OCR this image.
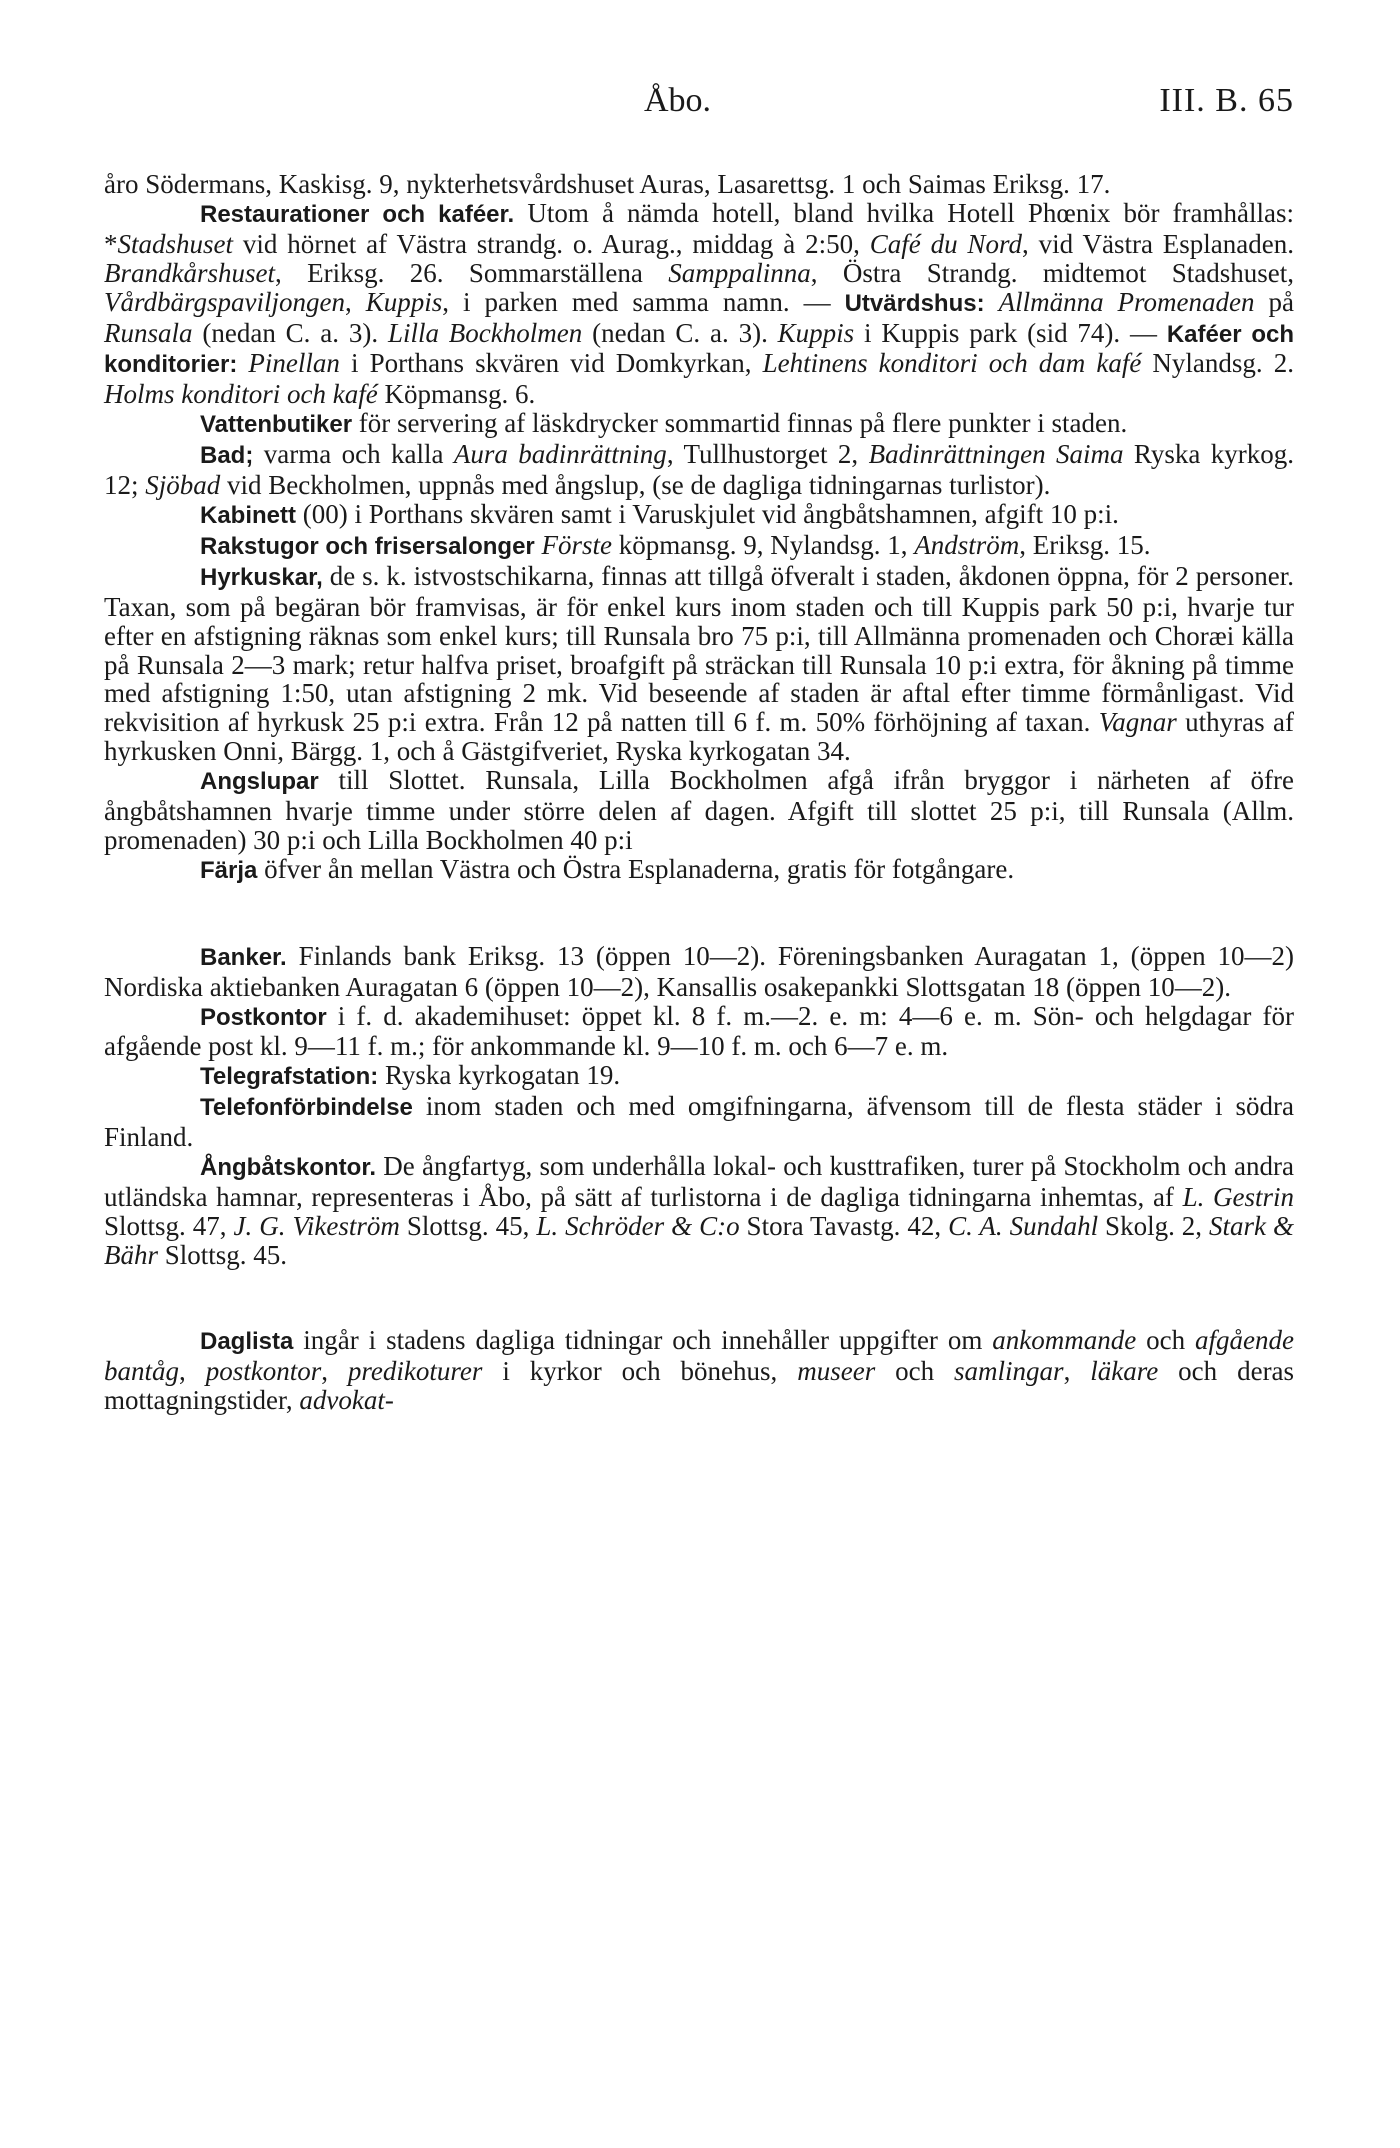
Åbo.	III. B. 65

åro Södermans, Kaskisg. 9, nykterhetsvårdshuset Auras, Lasarettsg. 1 och Saimas Eriksg. 17.

Restaurationer och kaféer. Utom å nämda hotell, bland hvilka Hotell Phœnix bör framhållas: *Stadshuset vid hörnet af Västra strandg. o. Aurag., middag à 2:50, Café du Nord, vid Västra Esplanaden. Brandkårshuset, Eriksg. 26. Sommarställena Samppalinna, Östra Strandg. midtemot Stadshuset, Vårdbärgspaviljongen, Kuppis, i parken med samma namn. — Utvärdshus: Allmänna Promenaden på Runsala (nedan C. a. 3). Lilla Bockholmen (nedan C. a. 3). Kuppis i Kuppis park (sid 74). — Kaféer och konditorier: Pinellan i Porthans skvären vid Domkyrkan, Lehtinens konditori och dam kafé Nylandsg. 2. Holms konditori och kafé Köpmansg. 6.

Vattenbutiker för servering af läskdrycker sommartid finnas på flere punkter i staden.

Bad; varma och kalla Aura badinrättning, Tullhustorget 2, Badinrättningen Saima Ryska kyrkog. 12; Sjöbad vid Beckholmen, uppnås med ångslup, (se de dagliga tidningarnas turlistor).

Kabinett (00) i Porthans skvären samt i Varuskjulet vid ångbåtshamnen, afgift 10 p:i.

Rakstugor och frisersalonger Förste köpmansg. 9, Nylandsg. 1, Andström, Eriksg. 15.

Hyrkuskar, de s. k. istvostschikarna, finnas att tillgå öfveralt i staden, åkdonen öppna, för 2 personer. Taxan, som på begäran bör framvisas, är för enkel kurs inom staden och till Kuppis park 50 p:i, hvarje tur efter en afstigning räknas som enkel kurs; till Runsala bro 75 p:i, till Allmänna promenaden och Choræi källa på Runsala 2—3 mark; retur halfva priset, broafgift på sträckan till Runsala 10 p:i extra, för åkning på timme med afstigning 1:50, utan afstigning 2 mk. Vid beseende af staden är aftal efter timme förmånligast. Vid rekvisition af hyrkusk 25 p:i extra. Från 12 på natten till 6 f. m. 50% förhöjning af taxan. Vagnar uthyras af hyrkusken Onni, Bärgg. 1, och å Gästgifveriet, Ryska kyrkogatan 34.

Angslupar till Slottet. Runsala, Lilla Bockholmen afgå ifrån bryggor i närheten af öfre ångbåtshamnen hvarje timme under större delen af dagen. Afgift till slottet 25 p:i, till Runsala (Allm. promenaden) 30 p:i och Lilla Bockholmen 40 p:i

Färja öfver ån mellan Västra och Östra Esplanaderna, gratis för fotgångare.

Banker. Finlands bank Eriksg. 13 (öppen 10—2). Föreningsbanken Auragatan 1, (öppen 10—2) Nordiska aktiebanken Auragatan 6 (öppen 10—2), Kansallis osakepankki Slottsgatan 18 (öppen 10—2).

Postkontor i f. d. akademihuset: öppet kl. 8 f. m.—2. e. m: 4—6 e. m. Sön- och helgdagar för afgående post kl. 9—11 f. m.; för ankommande kl. 9—10 f. m. och 6—7 e. m.

Telegrafstation: Ryska kyrkogatan 19.

Telefonförbindelse inom staden och med omgifningarna, äfvensom till de flesta städer i södra Finland.

Ångbåtskontor. De ångfartyg, som underhålla lokal- och kusttrafiken, turer på Stockholm och andra utländska hamnar, representeras i Åbo, på sätt af turlistorna i de dagliga tidningarna inhemtas, af L. Gestrin Slottsg. 47, J. G. Vikeström Slottsg. 45, L. Schröder & C:o Stora Tavastg. 42, C. A. Sundahl Skolg. 2, Stark & Bähr Slottsg. 45.

Daglista ingår i stadens dagliga tidningar och innehåller uppgifter om ankommande och afgående bantåg, postkontor, predikoturer i kyrkor och bönehus, museer och samlingar, läkare och deras mottagningstider, advokat-
